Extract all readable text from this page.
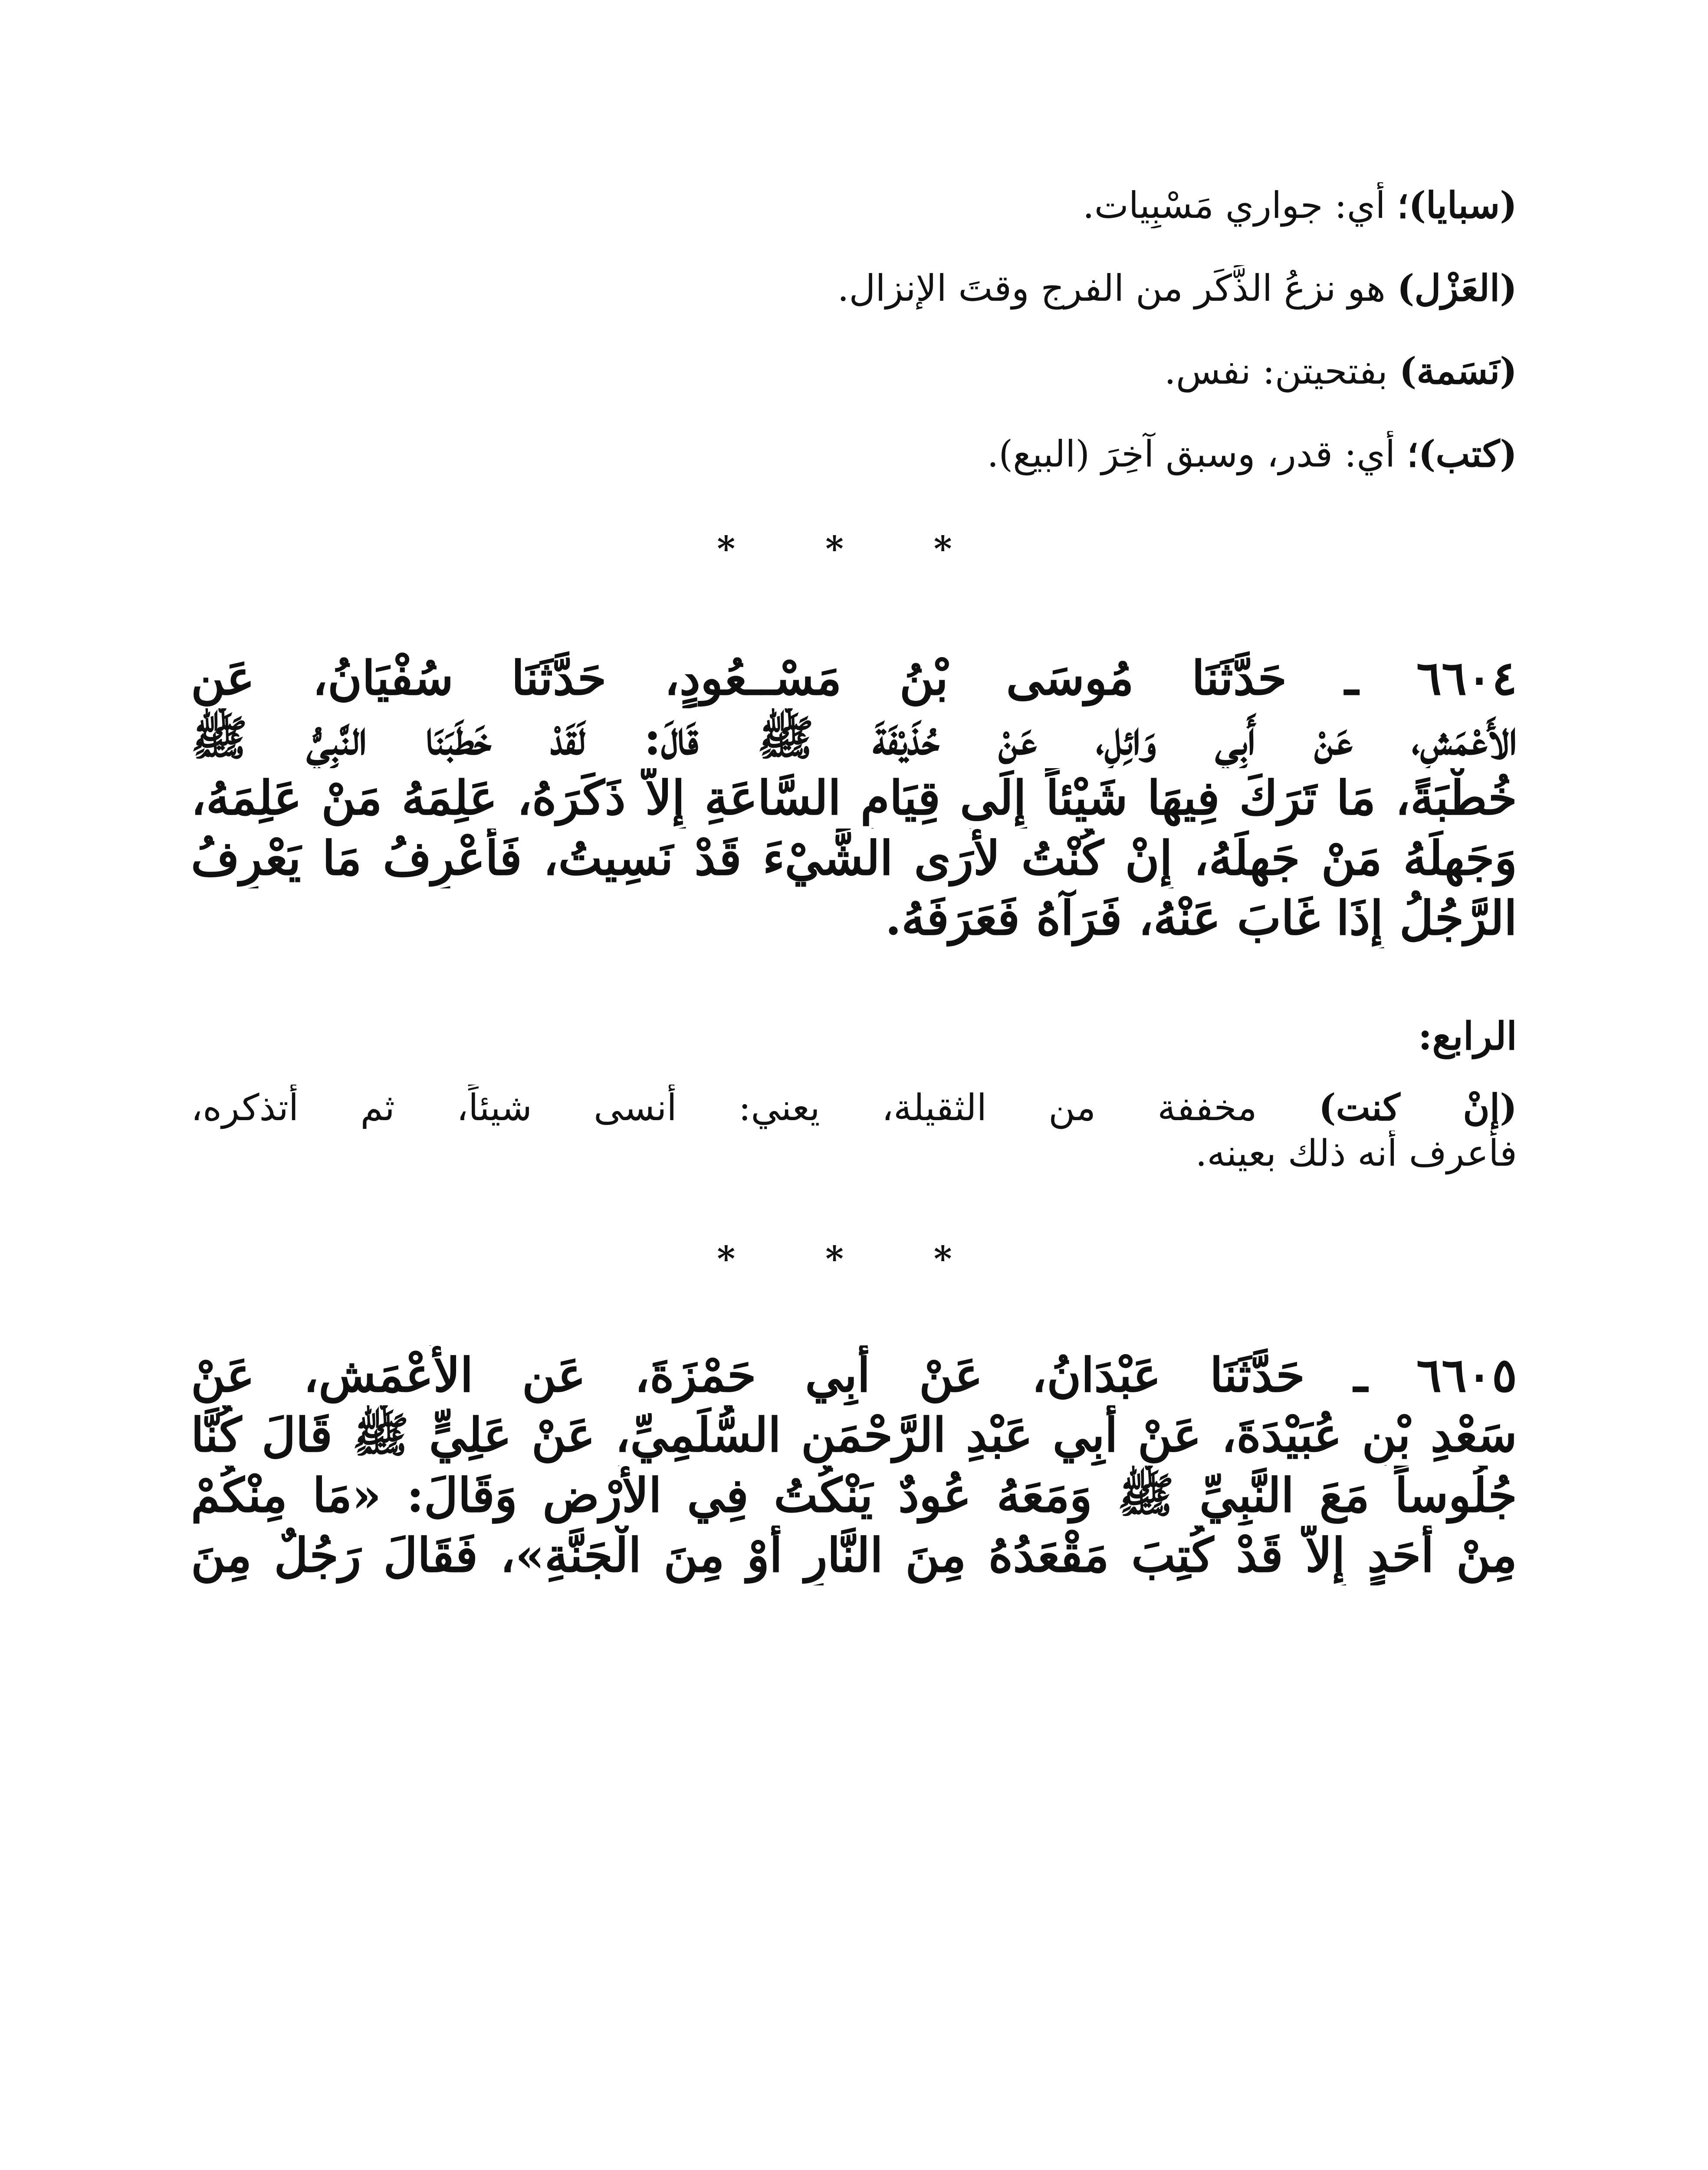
(سبايا)؛ أي: جواري مَسْبِيات.

(العَزْل) هو نزعُ الذَّكَر من الفرج وقتَ الإنزال.

(نَسَمة) بفتحيتن: نفس.

(كتب)؛ أي: قدر، وسبق آخِرَ (البيع).

* * *
٦٦٠٤ ـ حَدَّثَنَا مُوسَى بْنُ مَسْــعُودٍ، حَدَّثَنَا سُفْيَانُ، عَنِ
الأَعْمَشِ، عَنْ أَبِي وَائِلٍ، عَنْ حُذَيْفَةَ ﷺ قَالَ: لَقَدْ خَطَبَنَا النَّبِيُّ ﷺ
خُطْبَةً، مَا تَرَكَ فِيهَا شَيْئاً إِلَى قِيَامِ السَّاعَةِ إِلاَّ ذَكَرَهُ، عَلِمَهُ مَنْ عَلِمَهُ،
وَجَهِلَهُ مَنْ جَهِلَهُ، إِنْ كُنْتُ لأَرَى الشَّيْءَ قَدْ نَسِيتُ، فَأَعْرِفُ مَا يَعْرِفُ
الرَّجُلُ إِذَا غَابَ عَنْهُ، فَرَآهُ فَعَرَفَهُ.
الرابع:
(إنْ كنت) مخففة من الثقيلة، يعني: أنسى شيئاً، ثم أتذكره،
فأعرف أنه ذلك بعينه.
* * *
٦٦٠٥ ـ حَدَّثَنَا عَبْدَانُ، عَنْ أَبِي حَمْزَةَ، عَنِ الأَعْمَشِ، عَنْ
سَعْدِ بْنِ عُبَيْدَةَ، عَنْ أَبِي عَبْدِ الرَّحْمَنِ السُّلَمِيِّ، عَنْ عَلِيٍّ ﷺ قَالَ كُنَّا
جُلُوساً مَعَ النَّبِيِّ ﷺ وَمَعَهُ عُودٌ يَنْكُتُ فِي الأَرْضِ وَقَالَ: «مَا مِنْكُمْ
مِنْ أَحَدٍ إِلاَّ قَدْ كُتِبَ مَقْعَدُهُ مِنَ النَّارِ أَوْ مِنَ الْجَنَّةِ»، فَقَالَ رَجُلٌ مِنَ
